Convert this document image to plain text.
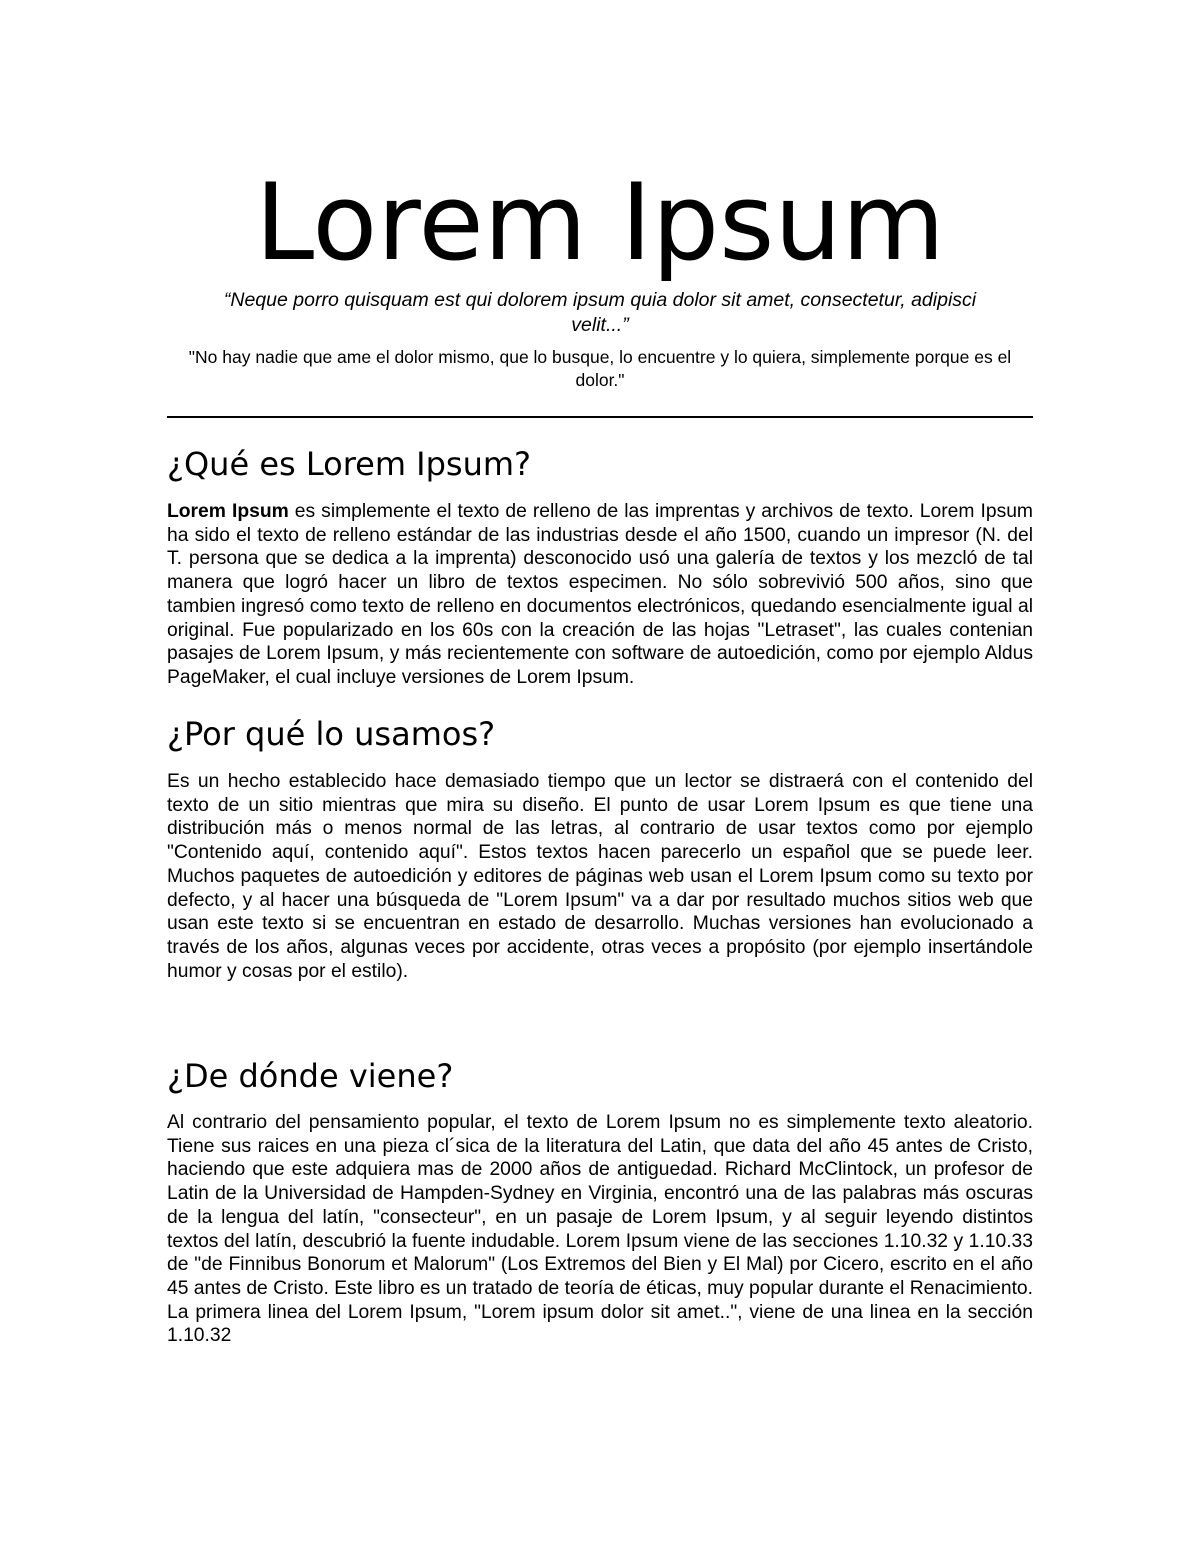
Lorem Ipsum

“Neque porro quisquam est qui dolorem ipsum quia dolor sit amet, consectetur, adipisci
velit...”

"No hay nadie que ame el dolor mismo, que lo busque, lo encuentre y lo quiera, simplemente porque es el
dolor."

¿Qué es Lorem Ipsum?

Lorem Ipsum es simplemente el texto de relleno de las imprentas y archivos de texto. Lorem Ipsum ha sido el texto de relleno estándar de las industrias desde el año 1500, cuando un impresor (N. del T. persona que se dedica a la imprenta) desconocido usó una galería de textos y los mezcló de tal manera que logró hacer un libro de textos especimen. No sólo sobrevivió 500 años, sino que tambien ingresó como texto de relleno en documentos electrónicos, quedando esencialmente igual al original. Fue popularizado en los 60s con la creación de las hojas "Letraset", las cuales contenian pasajes de Lorem Ipsum, y más recientemente con software de autoedición, como por ejemplo Aldus PageMaker, el cual incluye versiones de Lorem Ipsum.

¿Por qué lo usamos?

Es un hecho establecido hace demasiado tiempo que un lector se distraerá con el contenido del texto de un sitio mientras que mira su diseño. El punto de usar Lorem Ipsum es que tiene una distribución más o menos normal de las letras, al contrario de usar textos como por ejemplo "Contenido aquí, contenido aquí". Estos textos hacen parecerlo un español que se puede leer. Muchos paquetes de autoedición y editores de páginas web usan el Lorem Ipsum como su texto por defecto, y al hacer una búsqueda de "Lorem Ipsum" va a dar por resultado muchos sitios web que usan este texto si se encuentran en estado de desarrollo. Muchas versiones han evolucionado a través de los años, algunas veces por accidente, otras veces a propósito (por ejemplo insertándole humor y cosas por el estilo).

¿De dónde viene?

Al contrario del pensamiento popular, el texto de Lorem Ipsum no es simplemente texto aleatorio. Tiene sus raices en una pieza cl´sica de la literatura del Latin, que data del año 45 antes de Cristo, haciendo que este adquiera mas de 2000 años de antiguedad. Richard McClintock, un profesor de Latin de la Universidad de Hampden-Sydney en Virginia, encontró una de las palabras más oscuras de la lengua del latín, "consecteur", en un pasaje de Lorem Ipsum, y al seguir leyendo distintos textos del latín, descubrió la fuente indudable. Lorem Ipsum viene de las secciones 1.10.32 y 1.10.33 de "de Finnibus Bonorum et Malorum" (Los Extremos del Bien y El Mal) por Cicero, escrito en el año 45 antes de Cristo. Este libro es un tratado de teoría de éticas, muy popular durante el Renacimiento. La primera linea del Lorem Ipsum, "Lorem ipsum dolor sit amet..", viene de una linea en la sección 1.10.32
